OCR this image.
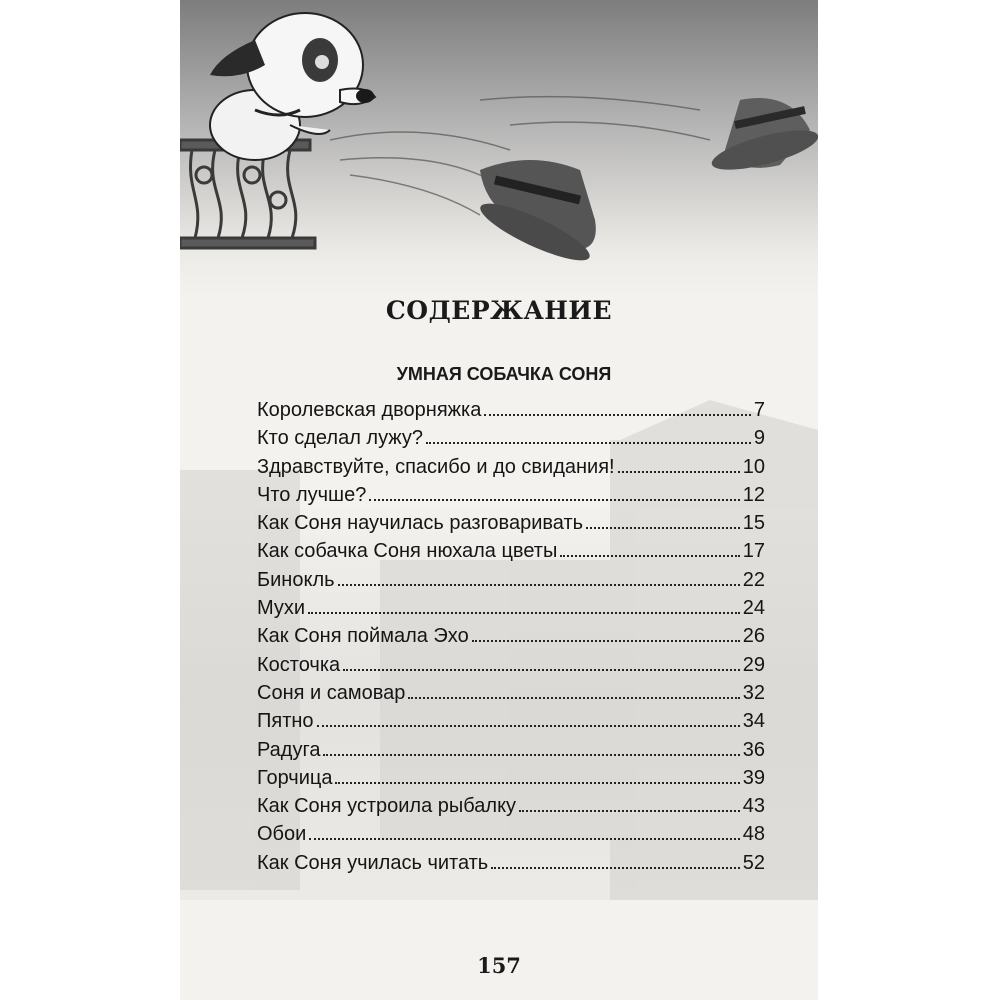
СОДЕРЖАНИЕ
УМНАЯ СОБАЧКА СОНЯ
Королевская дворняжка	7
Кто сделал лужу?	9
Здравствуйте, спасибо и до свидания!	10
Что лучше?	12
Как Соня научилась разговаривать	15
Как собачка Соня нюхала цветы	17
Бинокль	22
Мухи	24
Как Соня поймала Эхо	26
Косточка	29
Соня и самовар	32
Пятно	34
Радуга	36
Горчица	39
Как Соня устроила рыбалку	43
Обои	48
Как Соня училась читать	52
157
